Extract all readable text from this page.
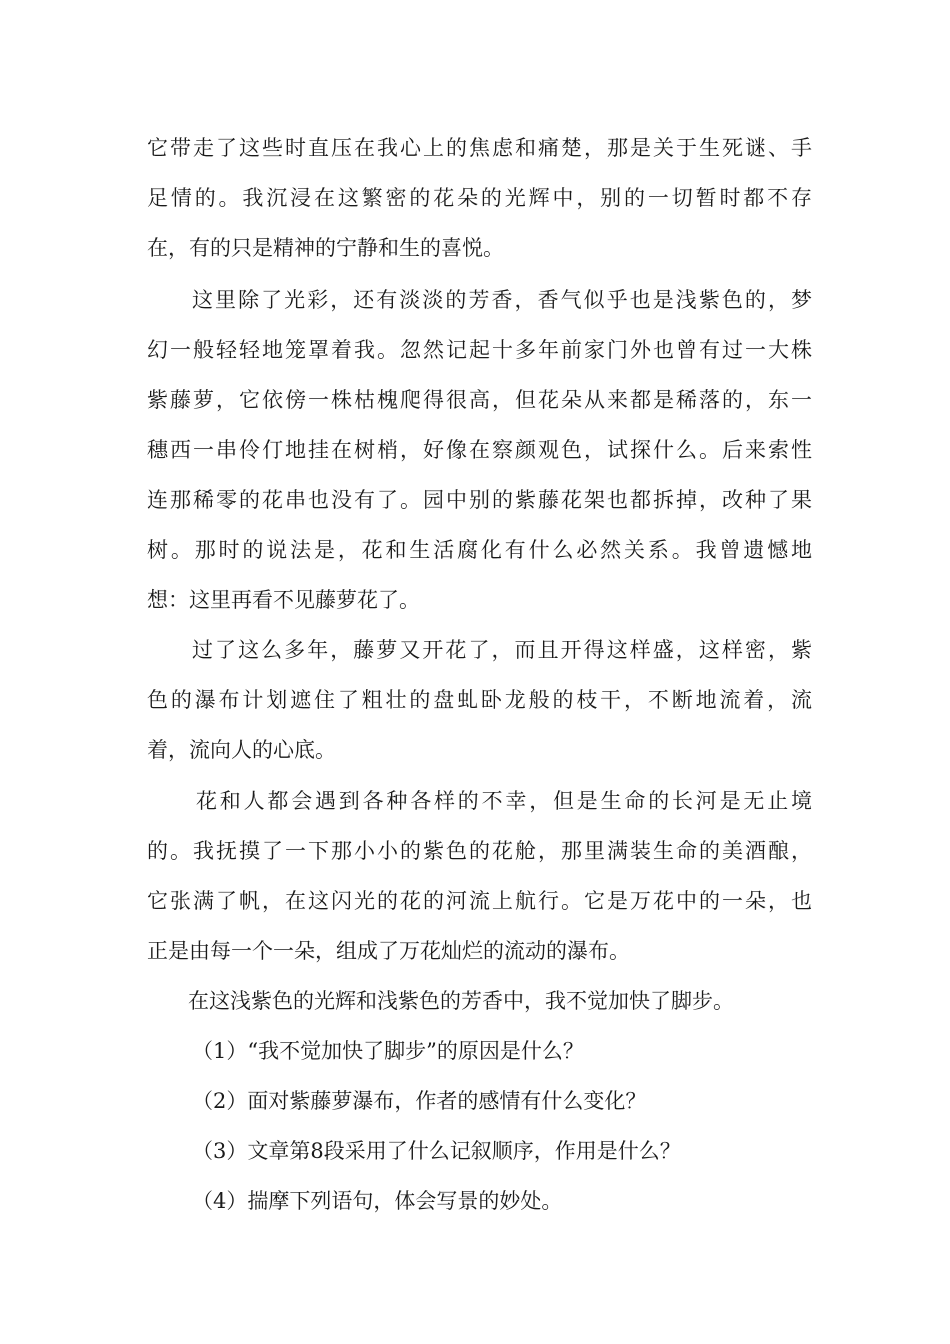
它带走了这些时直压在我心上的焦虑和痛楚，那是关于生死谜、手
足情的。我沉浸在这繁密的花朵的光辉中，别的一切暂时都不存
在，有的只是精神的宁静和生的喜悦。
这里除了光彩，还有淡淡的芳香，香气似乎也是浅紫色的，梦
幻一般轻轻地笼罩着我。忽然记起十多年前家门外也曾有过一大株
紫藤萝，它依傍一株枯槐爬得很高，但花朵从来都是稀落的，东一
穗西一串伶仃地挂在树梢，好像在察颜观色，试探什么。后来索性
连那稀零的花串也没有了。园中别的紫藤花架也都拆掉，改种了果
树。那时的说法是，花和生活腐化有什么必然关系。我曾遗憾地
想：这里再看不见藤萝花了。
过了这么多年，藤萝又开花了，而且开得这样盛，这样密，紫
色的瀑布计划遮住了粗壮的盘虬卧龙般的枝干，不断地流着，流
着，流向人的心底。
花和人都会遇到各种各样的不幸，但是生命的长河是无止境
的。我抚摸了一下那小小的紫色的花舱，那里满装生命的美酒酿，
它张满了帆，在这闪光的花的河流上航行。它是万花中的一朵，也
正是由每一个一朵，组成了万花灿烂的流动的瀑布。
在这浅紫色的光辉和浅紫色的芳香中，我不觉加快了脚步。
（1）“我不觉加快了脚步”的原因是什么？
（2）面对紫藤萝瀑布，作者的感情有什么变化？
（3）文章第8段采用了什么记叙顺序，作用是什么？
（4）揣摩下列语句，体会写景的妙处。
